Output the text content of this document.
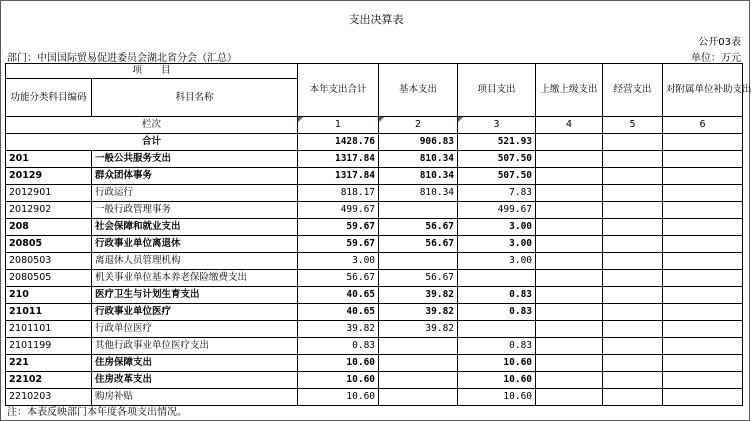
支出决算表
公开03表
部门：中国国际贸易促进委员会湖北省分会（汇总）	单位：万元
项　　目		本年支出合计	基本支出	项目支出	上缴上级支出	经营支出	对附属单位补助支出
功能分类科目编码	科目名称						
栏次		1	2	3	4	5	6
合计		1428.76	906.83	521.93			
201	一般公共服务支出	1317.84	810.34	507.50			
20129	群众团体事务	1317.84	810.34	507.50			
2012901	行政运行	818.17	810.34	7.83			
2012902	一般行政管理事务	499.67		499.67			
208	社会保障和就业支出	59.67	56.67	3.00			
20805	行政事业单位离退休	59.67	56.67	3.00			
2080503	离退休人员管理机构	3.00		3.00			
2080505	机关事业单位基本养老保险缴费支出	56.67	56.67				
210	医疗卫生与计划生育支出	40.65	39.82	0.83			
21011	行政事业单位医疗	40.65	39.82	0.83			
2101101	行政单位医疗	39.82	39.82				
2101199	其他行政事业单位医疗支出	0.83		0.83			
221	住房保障支出	10.60		10.60			
22102	住房改革支出	10.60		10.60			
2210203	购房补贴	10.60		10.60			
注：本表反映部门本年度各项支出情况。
